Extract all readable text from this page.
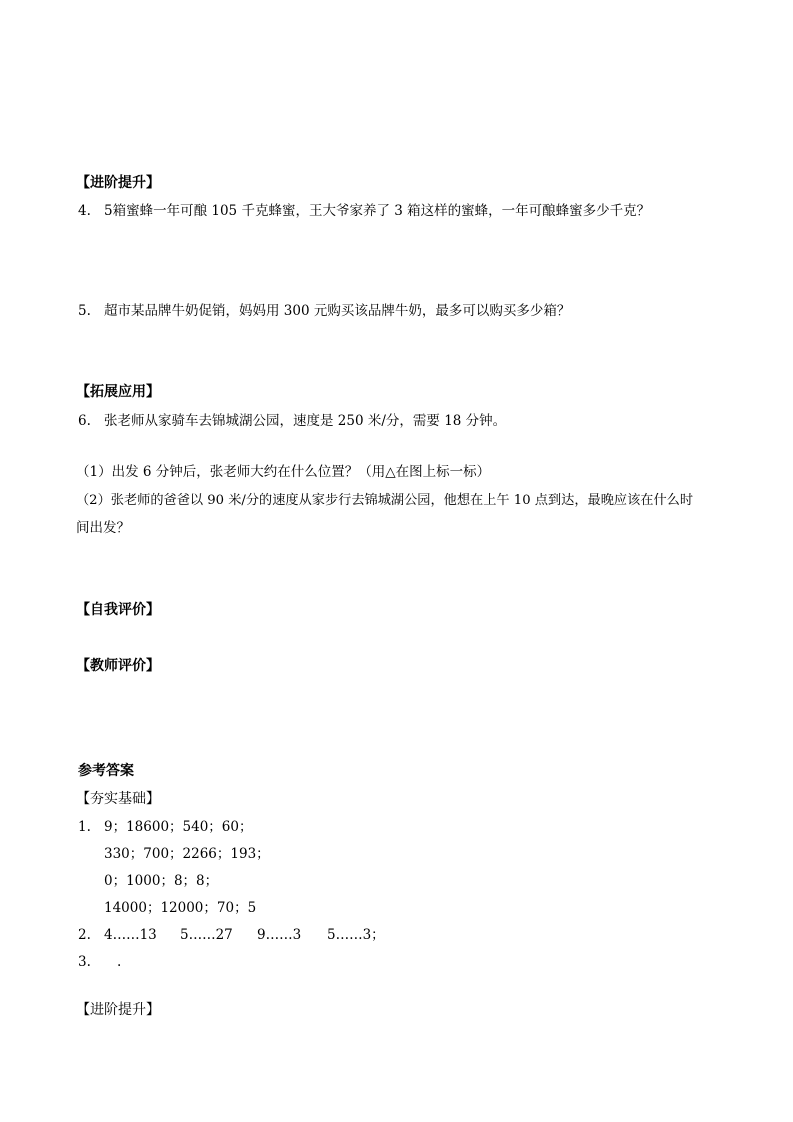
【进阶提升】
4. 5箱蜜蜂一年可酿 105 千克蜂蜜，王大爷家养了 3 箱这样的蜜蜂，一年可酿蜂蜜多少千克？
5. 超市某品牌牛奶促销，妈妈用 300 元购买该品牌牛奶，最多可以购买多少箱？
【拓展应用】
6. 张老师从家骑车去锦城湖公园，速度是 250 米/分，需要 18 分钟。
（1）出发 6 分钟后，张老师大约在什么位置？（用△在图上标一标）
（2）张老师的爸爸以 90 米/分的速度从家步行去锦城湖公园，他想在上午 10 点到达，最晚应该在什么时
间出发？
【自我评价】
【教师评价】
参考答案
【夯实基础】
1. 9；18600；540；60；
330；700；2266；193；
0；1000；8；8；
14000；12000；70；5
2. 4……13 5……27 9……3 5……3；
3. .
【进阶提升】
